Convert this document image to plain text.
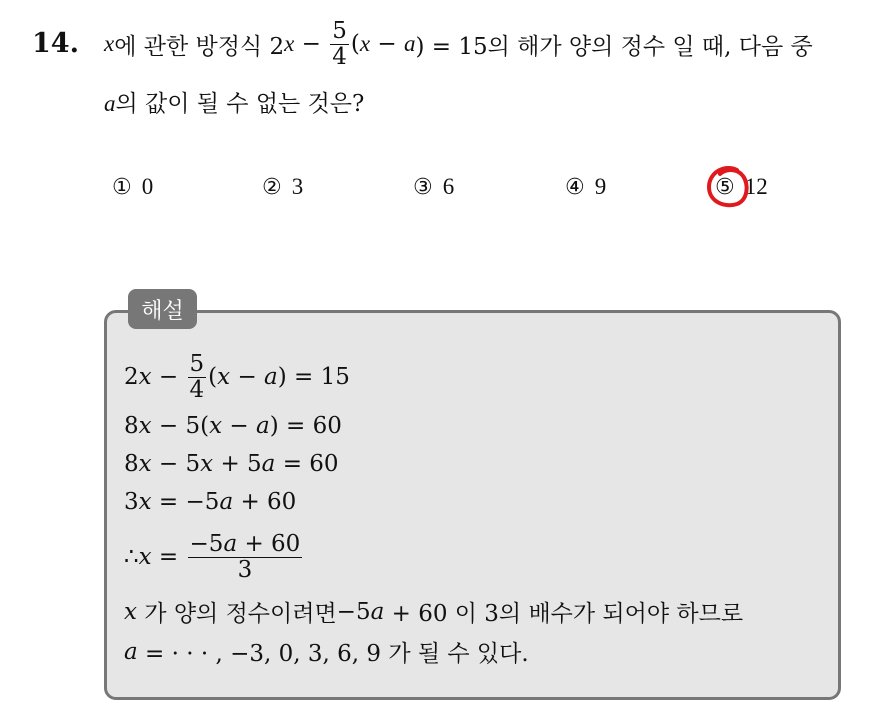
14. x 에 관한 방정식 2 $x - \frac{5}{4}$ ( x − a ) = 15의 해가 양의 정수 일 때, 다음 중
a의 값이 될 수 없는 것은?
① 0	② 3	③ 6	④ 9	⑤ 12
해설
2 $x - \frac{5}{4}$ ( x − a ) = 15
8 x − 5( x − a ) = 60
8 x − 5 x + 5 a = 60
3 x = −5 a + 60
∴ $x = \frac{-5a + 60}{3}$
x 가 양의 정수이려면 −5 a + 60 이 3의 배수가 되어야 하므로
a = · · · , −3, 0, 3, 6, 9 가 될 수 있다.
